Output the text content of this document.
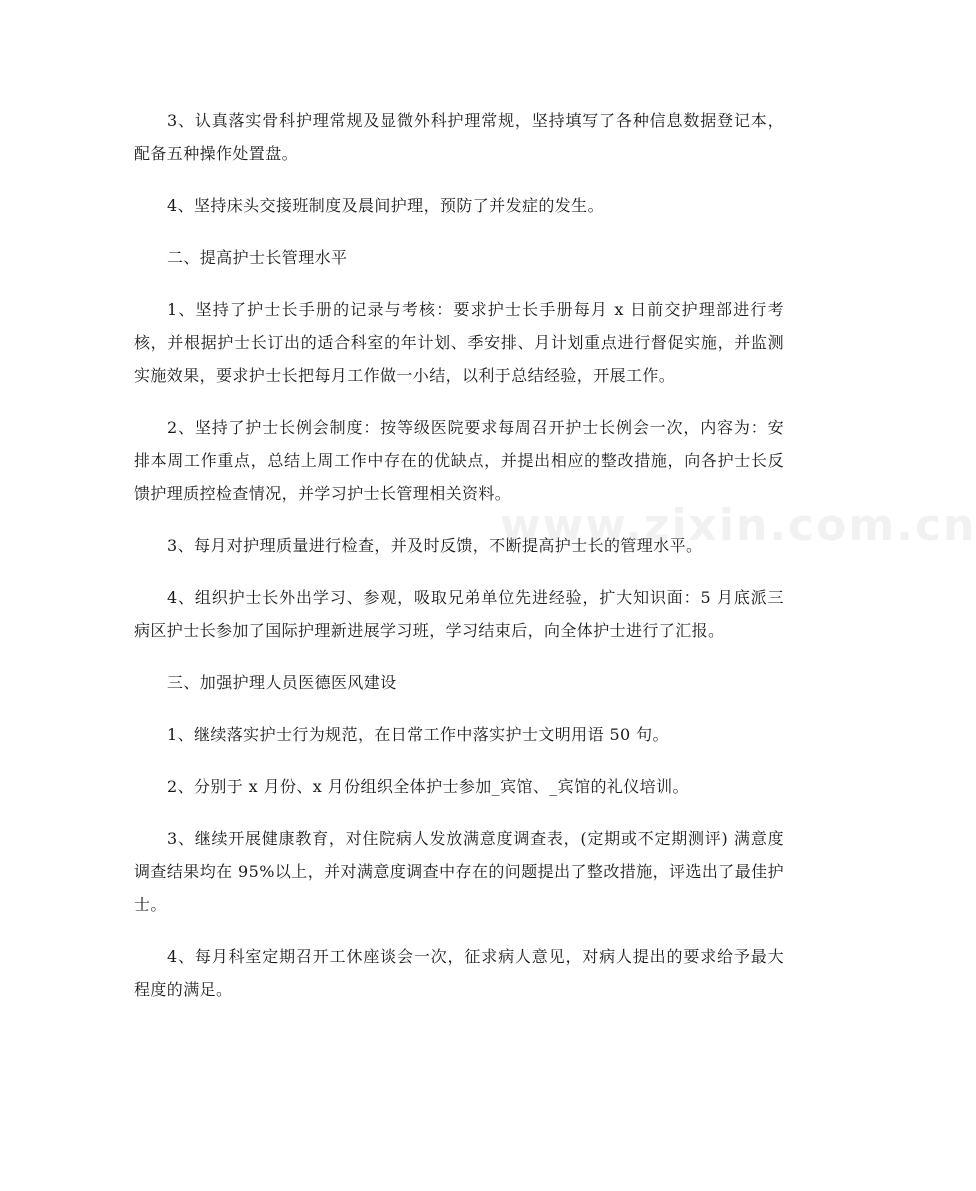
3、认真落实骨科护理常规及显微外科护理常规，坚持填写了各种信息数据登记本，配备五种操作处置盘。

4、坚持床头交接班制度及晨间护理，预防了并发症的发生。

二、提高护士长管理水平

1、坚持了护士长手册的记录与考核：要求护士长手册每月 x 日前交护理部进行考核，并根据护士长订出的适合科室的年计划、季安排、月计划重点进行督促实施，并监测实施效果，要求护士长把每月工作做一小结，以利于总结经验，开展工作。

2、坚持了护士长例会制度：按等级医院要求每周召开护士长例会一次，内容为：安排本周工作重点，总结上周工作中存在的优缺点，并提出相应的整改措施，向各护士长反馈护理质控检查情况，并学习护士长管理相关资料。

3、每月对护理质量进行检查，并及时反馈，不断提高护士长的管理水平。

4、组织护士长外出学习、参观，吸取兄弟单位先进经验，扩大知识面：5 月底派三病区护士长参加了国际护理新进展学习班，学习结束后，向全体护士进行了汇报。

三、加强护理人员医德医风建设

1、继续落实护士行为规范，在日常工作中落实护士文明用语 50 句。

2、分别于 x 月份、x 月份组织全体护士参加_宾馆、_宾馆的礼仪培训。

3、继续开展健康教育，对住院病人发放满意度调查表，(定期或不定期测评) 满意度调查结果均在 95%以上，并对满意度调查中存在的问题提出了整改措施，评选出了最佳护士。

4、每月科室定期召开工休座谈会一次，征求病人意见，对病人提出的要求给予最大程度的满足。

www.zixin.com.cn
